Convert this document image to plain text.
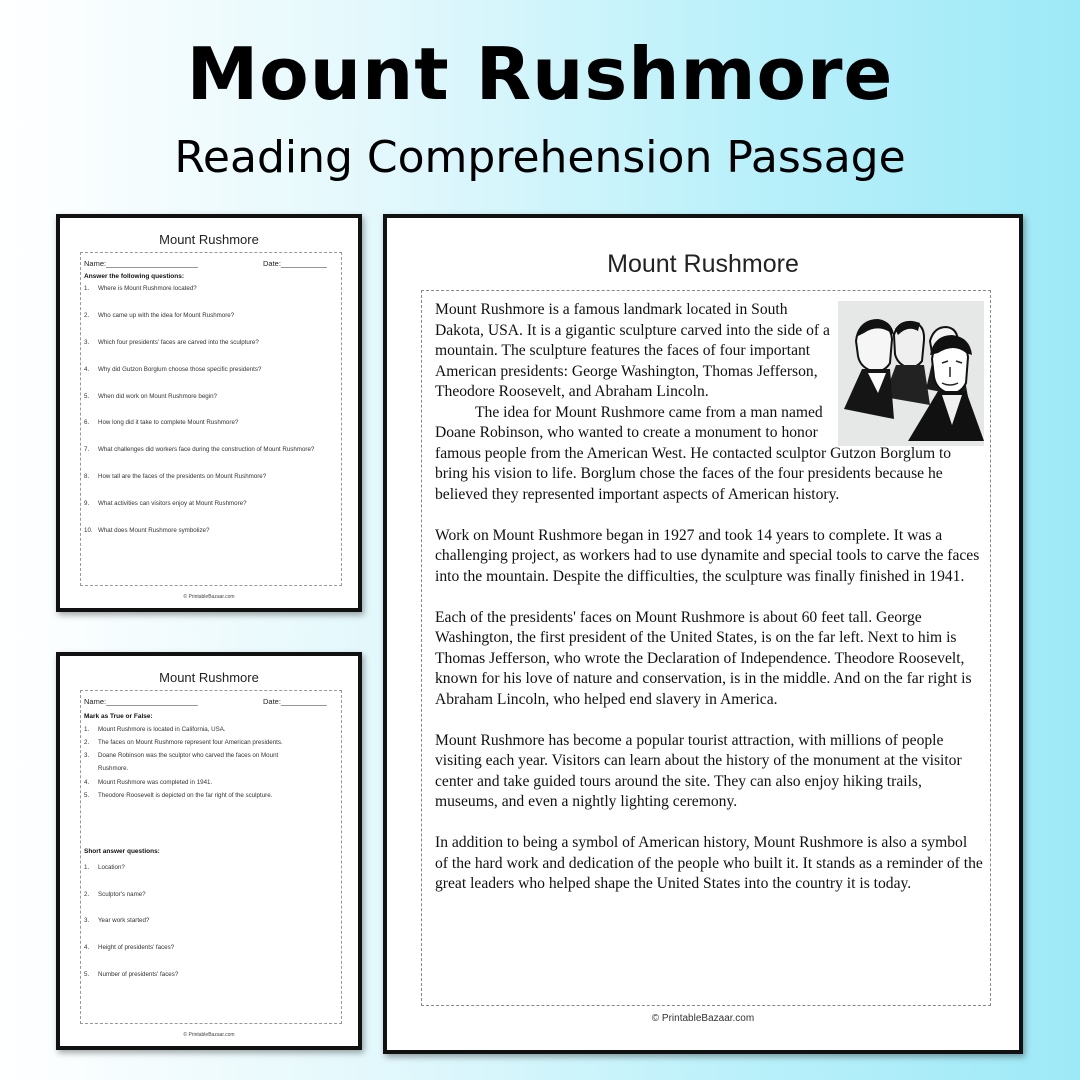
Mount Rushmore
Reading Comprehension Passage
Mount Rushmore
Name:______________________	Date:___________
Answer the following questions:
1. Where is Mount Rushmore located?
2. Who came up with the idea for Mount Rushmore?
3. Which four presidents' faces are carved into the sculpture?
4. Why did Gutzon Borglum choose those specific presidents?
5. When did work on Mount Rushmore begin?
6. How long did it take to complete Mount Rushmore?
7. What challenges did workers face during the construction of Mount Rushmore?
8. How tall are the faces of the presidents on Mount Rushmore?
9. What activities can visitors enjoy at Mount Rushmore?
10. What does Mount Rushmore symbolize?
© PrintableBazaar.com
Mount Rushmore
Name:______________________	Date:___________
Mark as True or False:
1. Mount Rushmore is located in California, USA.
2. The faces on Mount Rushmore represent four American presidents.
3. Doane Robinson was the sculptor who carved the faces on Mount
Rushmore.
4. Mount Rushmore was completed in 1941.
5. Theodore Roosevelt is depicted on the far right of the sculpture.
Short answer questions:
1. Location?
2. Sculptor's name?
3. Year work started?
4. Height of presidents' faces?
5. Number of presidents' faces?
© PrintableBazaar.com
Mount Rushmore

Mount Rushmore is a famous landmark located in South Dakota, USA. It is a gigantic sculpture carved into the side of a mountain. The sculpture features the faces of four important American presidents: George Washington, Thomas Jefferson, Theodore Roosevelt, and Abraham Lincoln.
The idea for Mount Rushmore came from a man named Doane Robinson, who wanted to create a monument to honor famous people from the American West. He contacted sculptor Gutzon Borglum to bring his vision to life. Borglum chose the faces of the four presidents because he believed they represented important aspects of American history.

Work on Mount Rushmore began in 1927 and took 14 years to complete. It was a challenging project, as workers had to use dynamite and special tools to carve the faces into the mountain. Despite the difficulties, the sculpture was finally finished in 1941.

Each of the presidents' faces on Mount Rushmore is about 60 feet tall. George Washington, the first president of the United States, is on the far left. Next to him is Thomas Jefferson, who wrote the Declaration of Independence. Theodore Roosevelt, known for his love of nature and conservation, is in the middle. And on the far right is Abraham Lincoln, who helped end slavery in America.

Mount Rushmore has become a popular tourist attraction, with millions of people visiting each year. Visitors can learn about the history of the monument at the visitor center and take guided tours around the site. They can also enjoy hiking trails, museums, and even a nightly lighting ceremony.

In addition to being a symbol of American history, Mount Rushmore is also a symbol of the hard work and dedication of the people who built it. It stands as a reminder of the great leaders who helped shape the United States into the country it is today.

© PrintableBazaar.com
